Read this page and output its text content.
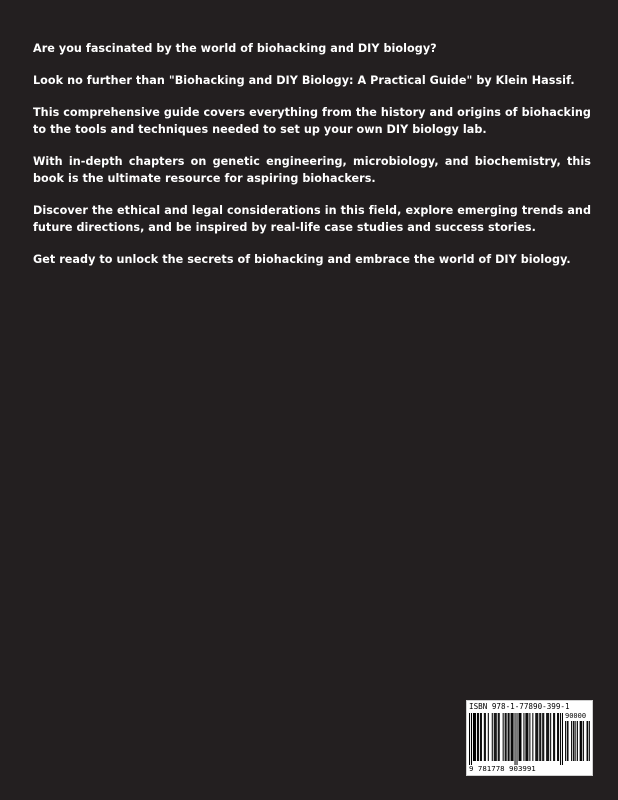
Are you fascinated by the world of biohacking and DIY biology?

Look no further than "Biohacking and DIY Biology: A Practical Guide" by Klein Hassif.

This comprehensive guide covers everything from the history and origins of biohacking to the tools and techniques needed to set up your own DIY biology lab.

With in-depth chapters on genetic engineering, microbiology, and biochemistry, this book is the ultimate resource for aspiring biohackers.

Discover the ethical and legal considerations in this field, explore emerging trends and future directions, and be inspired by real-life case studies and success stories.

Get ready to unlock the secrets of biohacking and embrace the world of DIY biology.

ISBN 978-1-77890-399-1
90000
9 781778 903991
